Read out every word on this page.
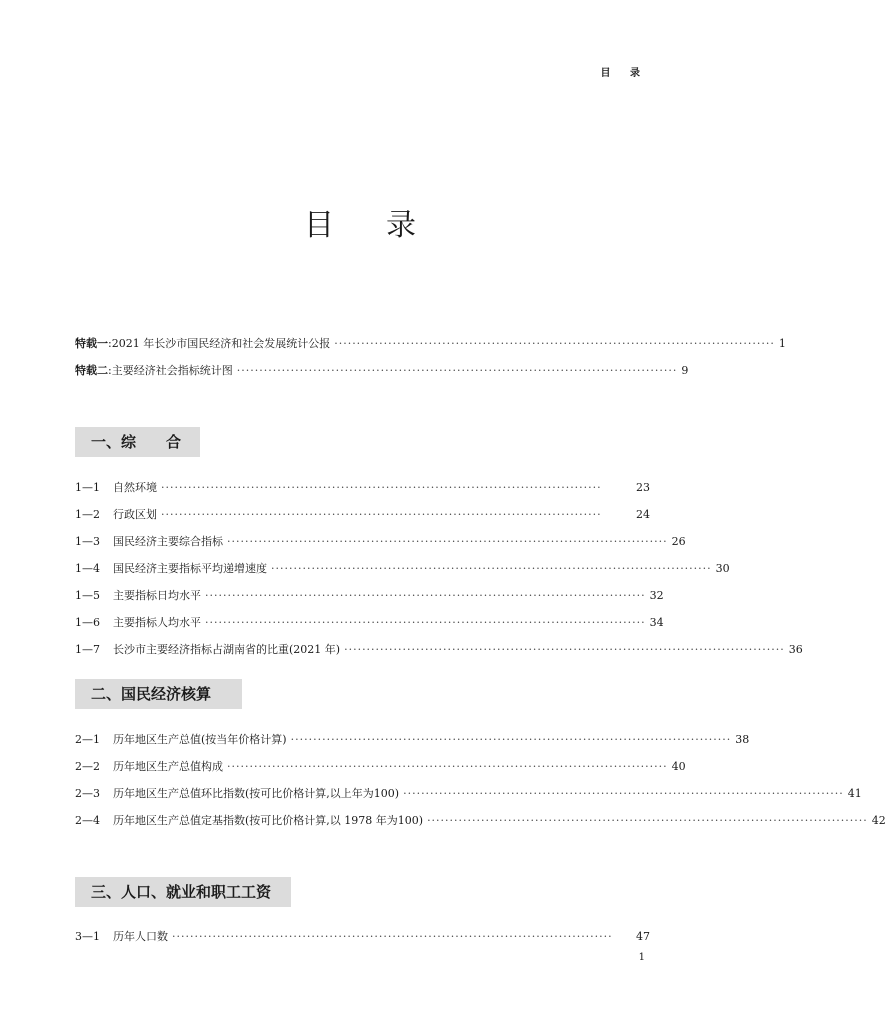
目 录
目录
特载一:2021 年长沙市国民经济和社会发展统计公报 ·································································································· 1
特载二:主要经济社会指标统计图 ·································································································· 9
一、综　　合
1—1	自然环境 ··································································································	23
1—2	行政区划 ··································································································	24
1—3	国民经济主要综合指标 ·································································································· 26
1—4	国民经济主要指标平均递增速度 ·································································································· 30
1—5	主要指标日均水平 ·································································································· 32
1—6	主要指标人均水平 ·································································································· 34
1—7	长沙市主要经济指标占湖南省的比重(2021 年) ·································································································· 36
二、国民经济核算
2—1	历年地区生产总值(按当年价格计算) ·································································································· 38
2—2	历年地区生产总值构成 ·································································································· 40
2—3	历年地区生产总值环比指数(按可比价格计算,以上年为100) ·································································································· 41
2—4	历年地区生产总值定基指数(按可比价格计算,以 1978 年为100) ·································································································· 42
三、人口、就业和职工工资
3—1	历年人口数 ··································································································	47
1
